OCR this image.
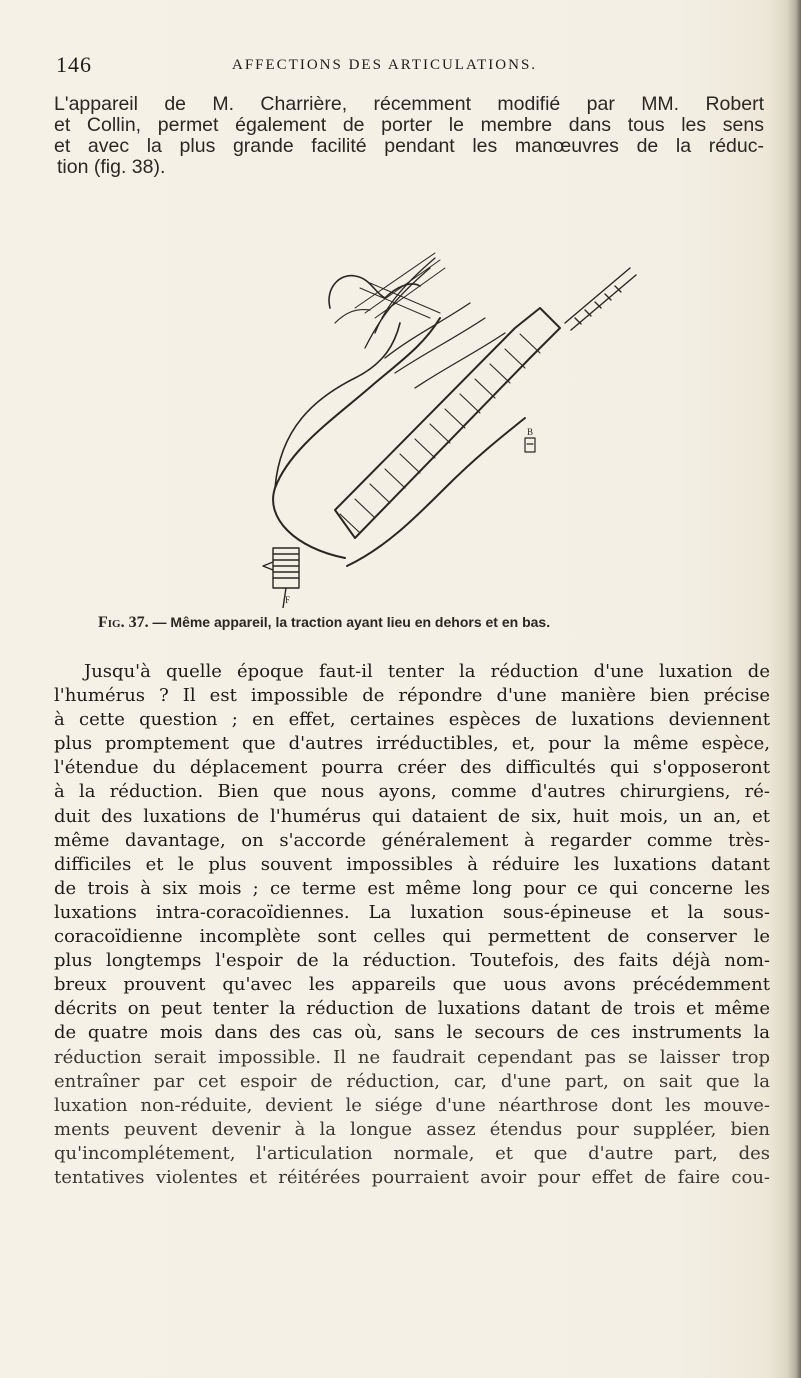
146	AFFECTIONS DES ARTICULATIONS.
L'appareil de M. Charrière, récemment modifié par MM. Robert
et Collin, permet également de porter le membre dans tous les sens
et avec la plus grande facilité pendant les manœuvres de la réduc-
tion (fig. 38).
B
F
Fig. 37. — Même appareil, la traction ayant lieu en dehors et en bas.
Jusqu'à quelle époque faut-il tenter la réduction d'une luxation de
l'humérus ? Il est impossible de répondre d'une manière bien précise
à cette question ; en effet, certaines espèces de luxations deviennent
plus promptement que d'autres irréductibles, et, pour la même espèce,
l'étendue du déplacement pourra créer des difficultés qui s'opposeront
à la réduction. Bien que nous ayons, comme d'autres chirurgiens, ré-
duit des luxations de l'humérus qui dataient de six, huit mois, un an, et
même davantage, on s'accorde généralement à regarder comme très-
difficiles et le plus souvent impossibles à réduire les luxations datant
de trois à six mois ; ce terme est même long pour ce qui concerne les
luxations intra-coracoïdiennes. La luxation sous-épineuse et la sous-
coracoïdienne incomplète sont celles qui permettent de conserver le
plus longtemps l'espoir de la réduction. Toutefois, des faits déjà nom-
breux prouvent qu'avec les appareils que uous avons précédemment
décrits on peut tenter la réduction de luxations datant de trois et même
de quatre mois dans des cas où, sans le secours de ces instruments la
réduction serait impossible. Il ne faudrait cependant pas se laisser trop
entraîner par cet espoir de réduction, car, d'une part, on sait que la
luxation non-réduite, devient le siége d'une néarthrose dont les mouve-
ments peuvent devenir à la longue assez étendus pour suppléer, bien
qu'incomplétement, l'articulation normale, et que d'autre part, des
tentatives violentes et réitérées pourraient avoir pour effet de faire cou-
